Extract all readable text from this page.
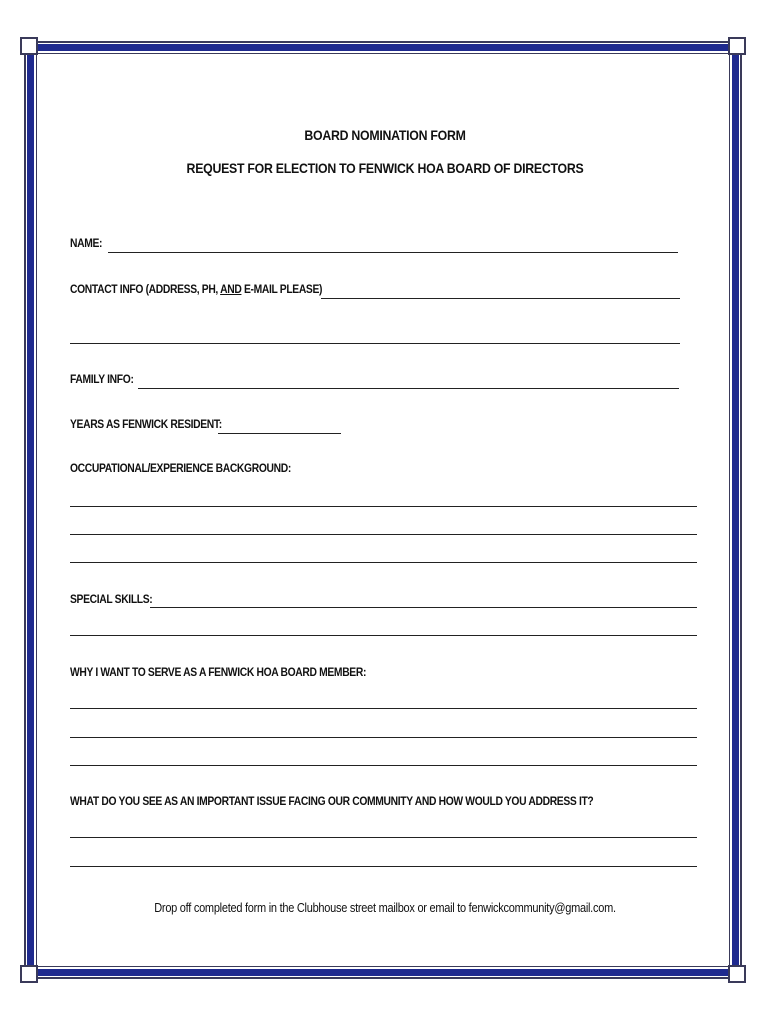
BOARD NOMINATION FORM
REQUEST FOR ELECTION TO FENWICK HOA BOARD OF DIRECTORS
NAME:
CONTACT INFO (ADDRESS, PH, AND E-MAIL PLEASE)
FAMILY INFO:
YEARS AS FENWICK RESIDENT:
OCCUPATIONAL/EXPERIENCE BACKGROUND:
SPECIAL SKILLS:
WHY I WANT TO SERVE AS A FENWICK HOA BOARD MEMBER:
WHAT DO YOU SEE AS AN IMPORTANT ISSUE FACING OUR COMMUNITY AND HOW WOULD YOU ADDRESS IT?
Drop off completed form in the Clubhouse street mailbox or email to fenwickcommunity@gmail.com.
